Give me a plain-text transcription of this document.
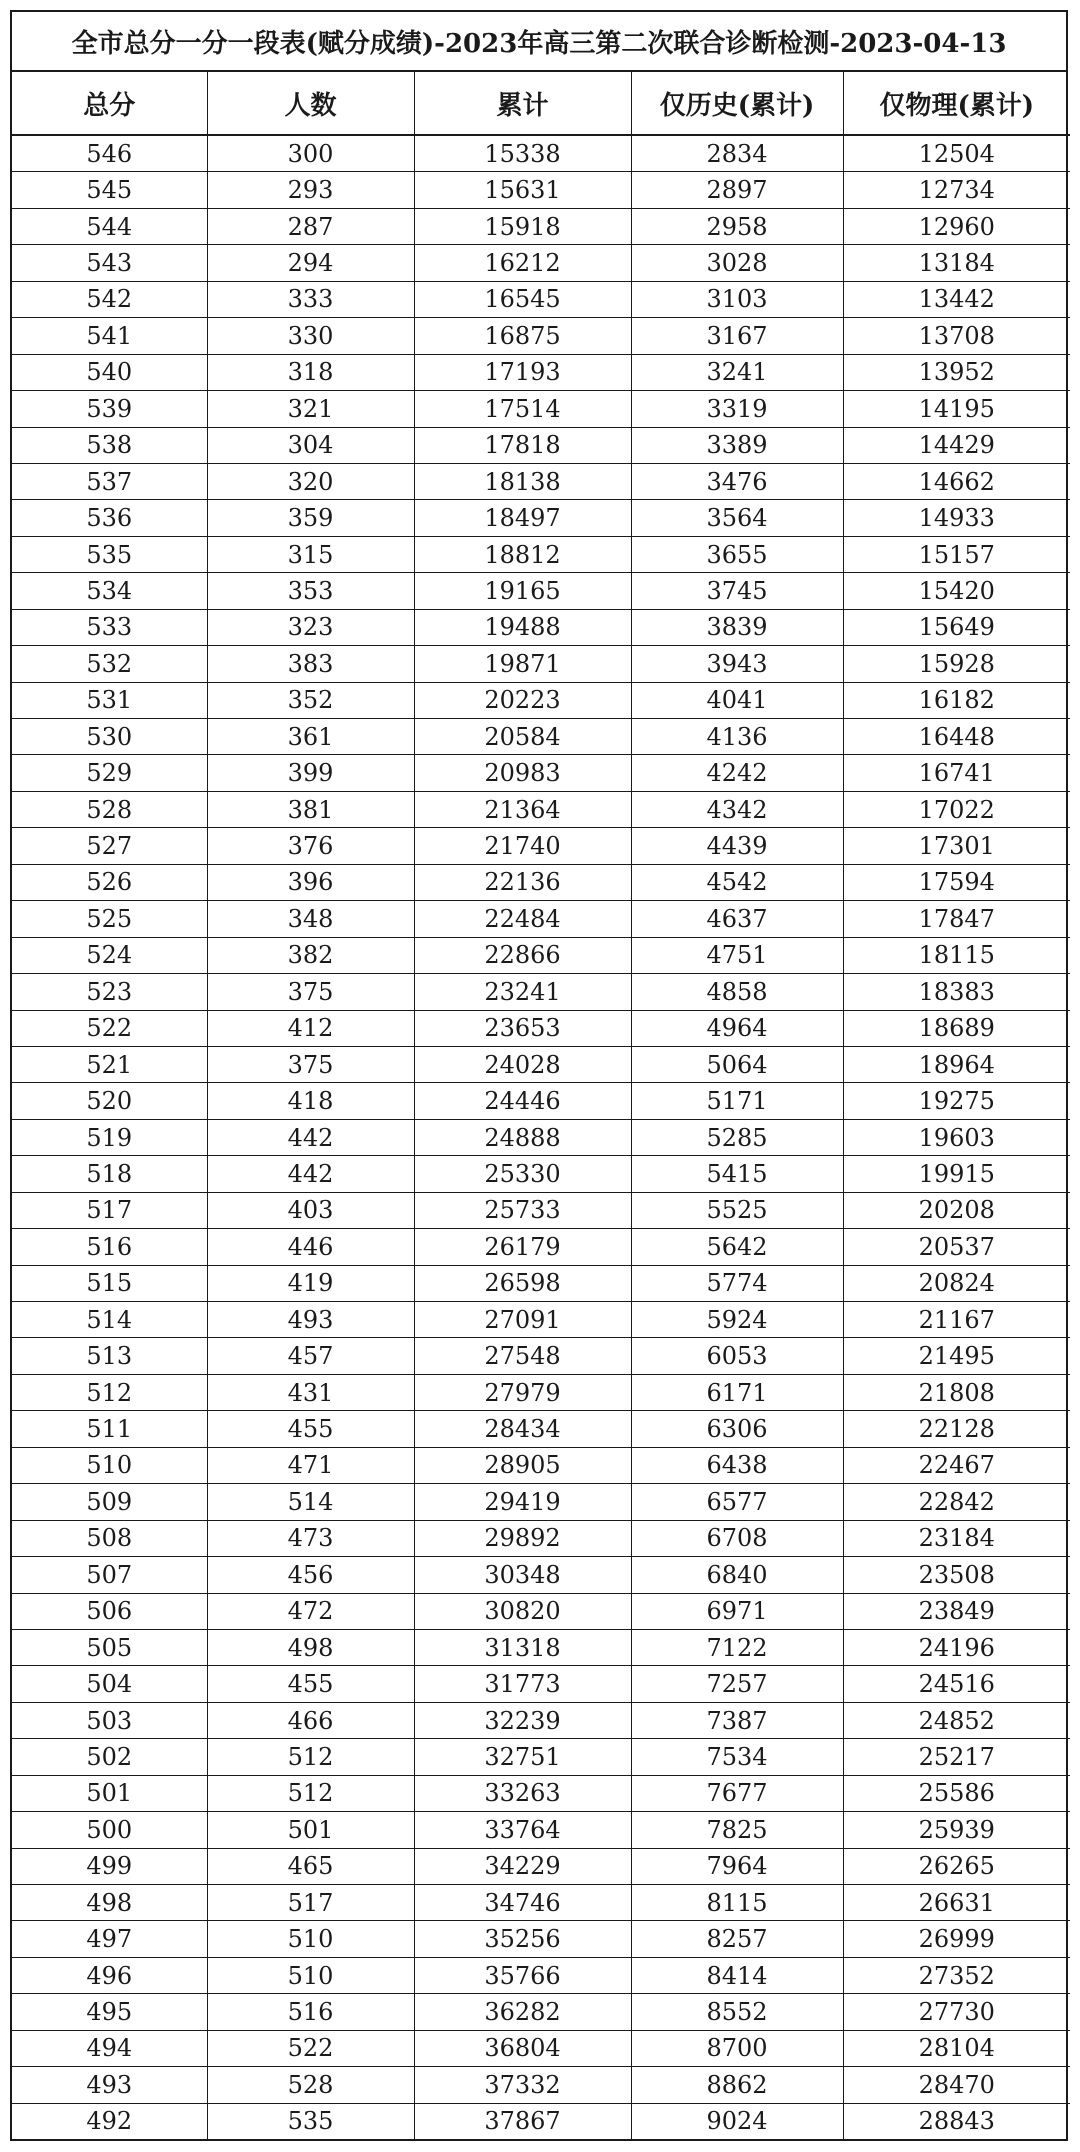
全市总分一分一段表(赋分成绩)-2023年高三第二次联合诊断检测-2023-04-13
总分	人数	累计	仅历史(累计)	仅物理(累计)
546	300	15338	2834	12504
545	293	15631	2897	12734
544	287	15918	2958	12960
543	294	16212	3028	13184
542	333	16545	3103	13442
541	330	16875	3167	13708
540	318	17193	3241	13952
539	321	17514	3319	14195
538	304	17818	3389	14429
537	320	18138	3476	14662
536	359	18497	3564	14933
535	315	18812	3655	15157
534	353	19165	3745	15420
533	323	19488	3839	15649
532	383	19871	3943	15928
531	352	20223	4041	16182
530	361	20584	4136	16448
529	399	20983	4242	16741
528	381	21364	4342	17022
527	376	21740	4439	17301
526	396	22136	4542	17594
525	348	22484	4637	17847
524	382	22866	4751	18115
523	375	23241	4858	18383
522	412	23653	4964	18689
521	375	24028	5064	18964
520	418	24446	5171	19275
519	442	24888	5285	19603
518	442	25330	5415	19915
517	403	25733	5525	20208
516	446	26179	5642	20537
515	419	26598	5774	20824
514	493	27091	5924	21167
513	457	27548	6053	21495
512	431	27979	6171	21808
511	455	28434	6306	22128
510	471	28905	6438	22467
509	514	29419	6577	22842
508	473	29892	6708	23184
507	456	30348	6840	23508
506	472	30820	6971	23849
505	498	31318	7122	24196
504	455	31773	7257	24516
503	466	32239	7387	24852
502	512	32751	7534	25217
501	512	33263	7677	25586
500	501	33764	7825	25939
499	465	34229	7964	26265
498	517	34746	8115	26631
497	510	35256	8257	26999
496	510	35766	8414	27352
495	516	36282	8552	27730
494	522	36804	8700	28104
493	528	37332	8862	28470
492	535	37867	9024	28843
